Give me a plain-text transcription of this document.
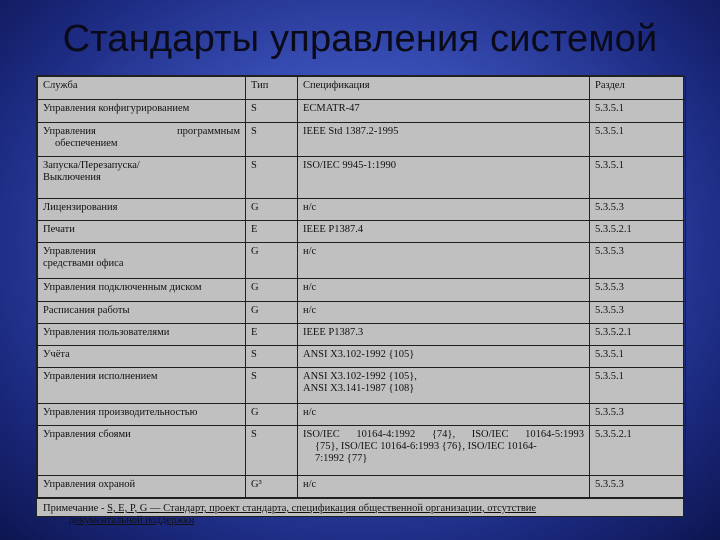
Стандарты управления системой
Служба	Тип	Спецификация	Раздел
Управления конфигурированием	S	ECMATR-47	5.3.5.1

Управления программным
обеспечением	S	IEEE Std 1387.2-1995	5.3.5.1

Запуска/Перезапуска/
Выключения	S	ISO/IEC 9945-1:1990	5.3.5.1
Лицензирования	G	н/с	5.3.5.3
Печати	E	IEEE P1387.4	5.3.5.2.1

Управления
средствами офиса	G	н/с	5.3.5.3
Управления подключенным диском	G	н/с	5.3.5.3
Расписания работы	G	н/с	5.3.5.3
Управления пользователями	E	IEEE P1387.3	5.3.5.2.1
Учёта	S	ANSI X3.102-1992 {105}	5.3.5.1
Управления исполнением	S	ANSI X3.102-1992 {105},
ANSI X3.141-1987 {108}	5.3.5.1
Управления производительностью	G	н/с	5.3.5.3
Управления сбоями	S	ISO/IEC 10164-4:1992 {74}, ISO/IEC 10164-5:1993
{75}, ISO/IEC 10164-6:1993 {76}, ISO/IEC 10164-
7:1992 {77}	5.3.5.2.1
Управления охраной	G³	н/с	5.3.5.3
Примечание - S, E, P, G — Стандарт, проект стандарта, спецификация общественной организации, отсутствие
документальной поддержки
